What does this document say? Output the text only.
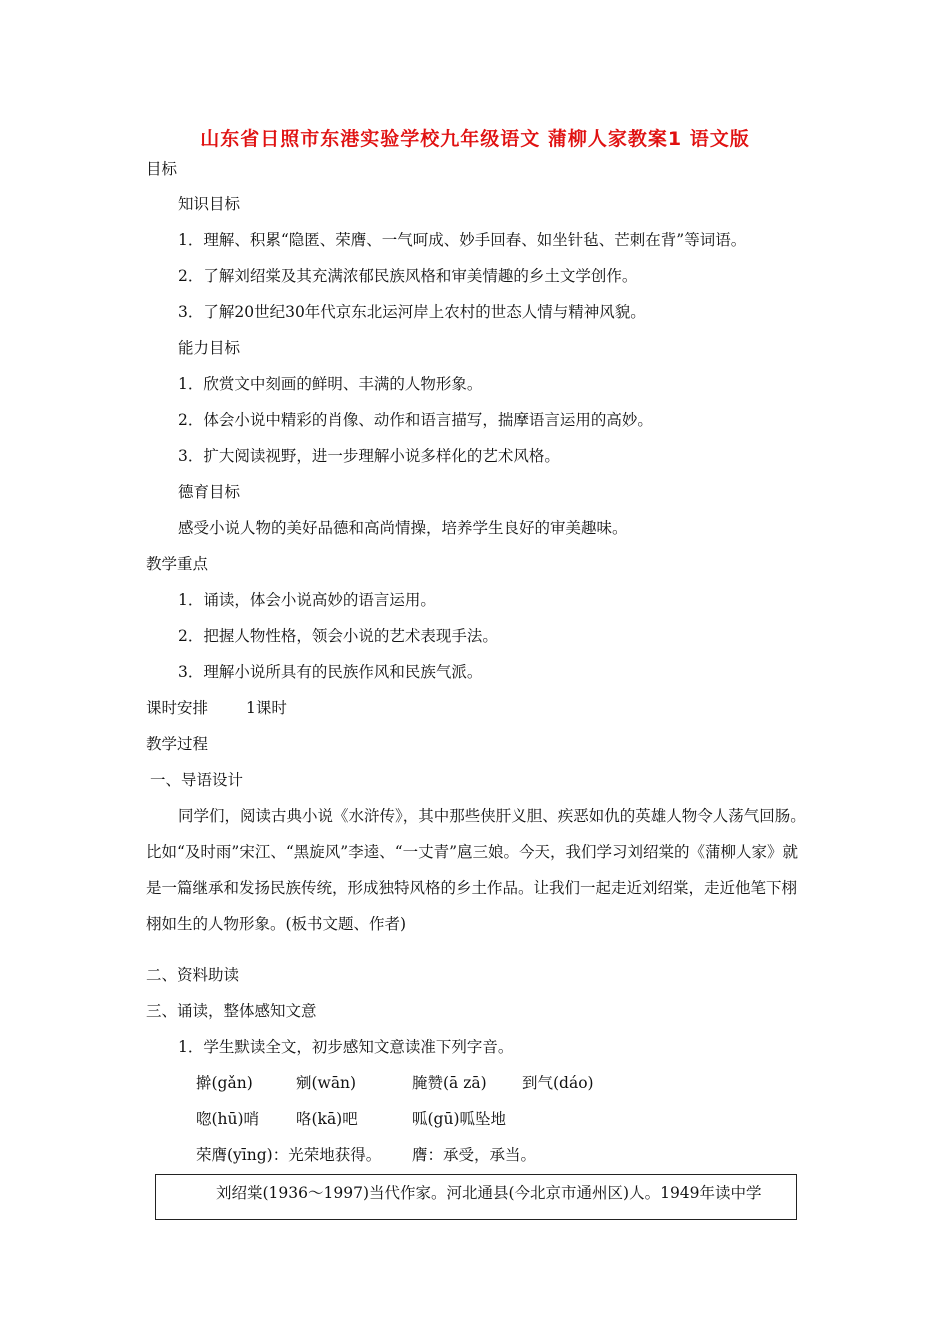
山东省日照市东港实验学校九年级语文 蒲柳人家教案1 语文版
目标
知识目标
1．理解、积累“隐匿、荣膺、一气呵成、妙手回春、如坐针毡、芒刺在背”等词语。
2．了解刘绍棠及其充满浓郁民族风格和审美情趣的乡土文学创作。
3．了解20世纪30年代京东北运河岸上农村的世态人情与精神风貌。
能力目标
1．欣赏文中刻画的鲜明、丰满的人物形象。
2．体会小说中精彩的肖像、动作和语言描写，揣摩语言运用的高妙。
3．扩大阅读视野，进一步理解小说多样化的艺术风格。
德育目标
感受小说人物的美好品德和高尚情操，培养学生良好的审美趣味。
教学重点
1．诵读，体会小说高妙的语言运用。
2．把握人物性格，领会小说的艺术表现手法。
3．理解小说所具有的民族作风和民族气派。
课时安排 1课时
教学过程
一、导语设计
同学们，阅读古典小说《水浒传》，其中那些侠肝义胆、疾恶如仇的英雄人物令人荡气回肠。比如“及时雨”宋江、“黑旋风”李逵、“一丈青”扈三娘。今天，我们学习刘绍棠的《蒲柳人家》就是一篇继承和发扬民族传统，形成独特风格的乡土作品。让我们一起走近刘绍棠，走近他笔下栩栩如生的人物形象。(板书文题、作者)
二、资料助读
三、诵读，整体感知文意
1．学生默读全文，初步感知文意读准下列字音。
擀(gǎn)	剜(wān)	腌赞(ā zā) 到气(dáo)
唿(hū)哨 咯(kā)吧	呱(gū)呱坠地
荣膺(yīng)：光荣地获得。 膺：承受，承当。
刘绍棠(1936～1997)当代作家。河北通县(今北京市通州区)人。1949年读中学
